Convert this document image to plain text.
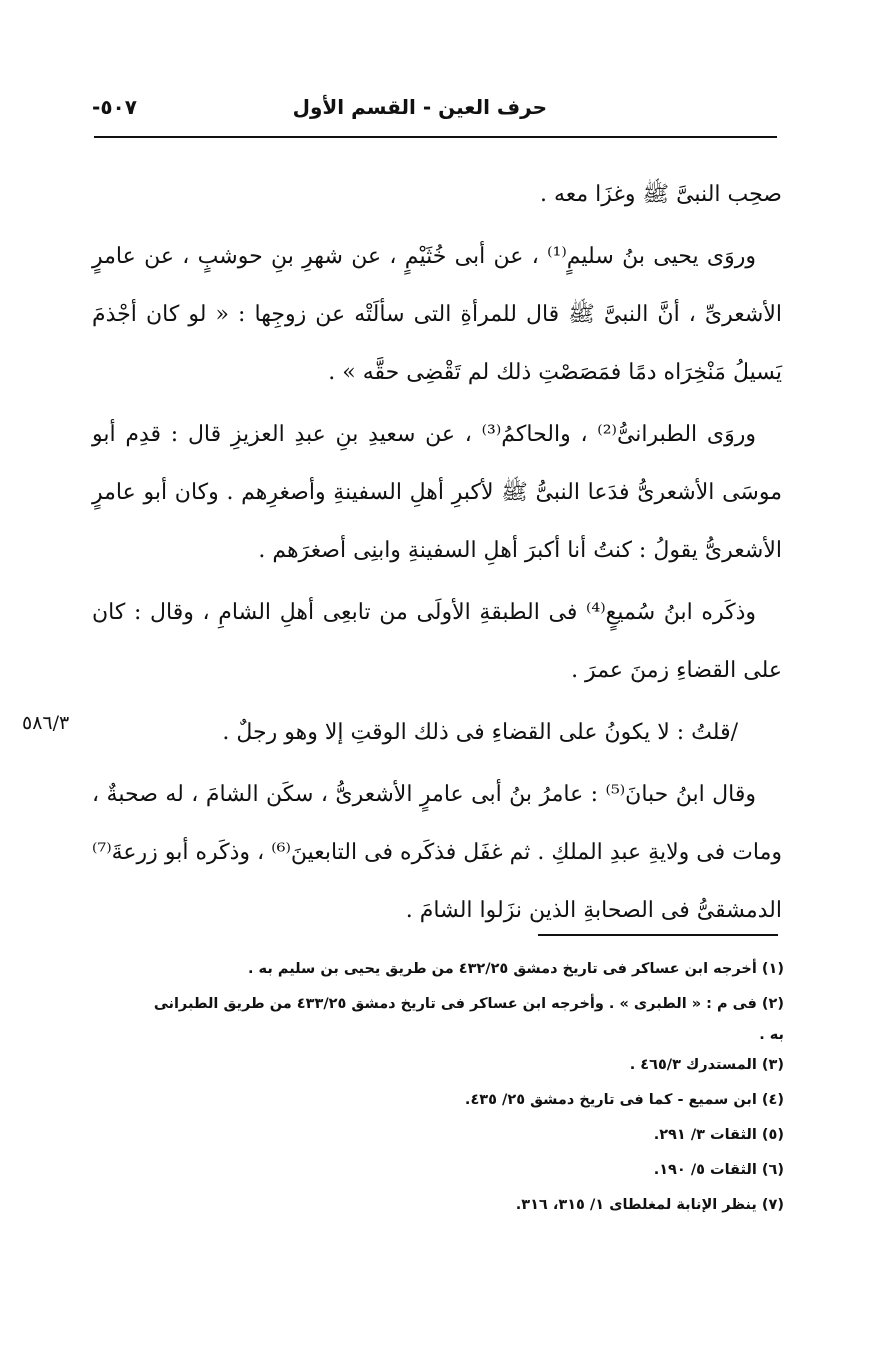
حرف العين - القسم الأول
-٥٠٧

صحِب النبىَّ ﷺ وغزَا معه .

وروَى يحيى بنُ سليمٍ⁽¹⁾ ، عن أبى خُثَيْمٍ ، عن شهرِ بنِ حوشبٍ ، عن عامرٍ الأشعرىِّ ، أنَّ النبىَّ ﷺ قال للمرأةِ التى سألَتْه عن زوجِها : « لو كان أجْذمَ يَسيلُ مَنْخِرَاه دمًا فمَصَصْتِ ذلك لم تَقْضِى حقَّه » .

وروَى الطبرانىُّ⁽²⁾ ، والحاكمُ⁽³⁾ ، عن سعيدِ بنِ عبدِ العزيزِ قال : قدِم أبو موسَى الأشعرىُّ فدَعا النبىُّ ﷺ لأكبرِ أهلِ السفينةِ وأصغرِهم . وكان أبو عامرٍ الأشعرىُّ يقولُ : كنتُ أنا أكبرَ أهلِ السفينةِ وابنِى أصغرَهم .

وذكَره ابنُ سُميعٍ⁽⁴⁾ فى الطبقةِ الأولَى من تابعِى أهلِ الشامِ ، وقال : كان على القضاءِ زمنَ عمرَ .

/قلتُ : لا يكونُ على القضاءِ فى ذلك الوقتِ إلا وهو رجلٌ .

وقال ابنُ حبانَ⁽⁵⁾ : عامرُ بنُ أبى عامرٍ الأشعرىُّ ، سكَن الشامَ ، له صحبةٌ ، ومات فى ولايةِ عبدِ الملكِ . ثم غفَل فذكَره فى التابعينَ⁽⁶⁾ ، وذكَره أبو زرعةَ⁽⁷⁾ الدمشقىُّ فى الصحابةِ الذين نزَلوا الشامَ .

٥٨٦/٣
(١) أخرجه ابن عساكر فى تاريخ دمشق ٤٣٢/٢٥ من طريق يحيى بن سليم به .
(٢) فى م : « الطبرى » . وأخرجه ابن عساكر فى تاريخ دمشق ٤٣٣/٢٥ من طريق الطبرانى
به .
(٣) المستدرك ٤٦٥/٣ .
(٤) ابن سميع - كما فى تاريخ دمشق ٢٥/ ٤٣٥.
(٥) الثقات ٣/ ٢٩١.
(٦) الثقات ٥/ ١٩٠.
(٧) ينظر الإنابة لمغلطاى ١/ ٣١٥، ٣١٦.
